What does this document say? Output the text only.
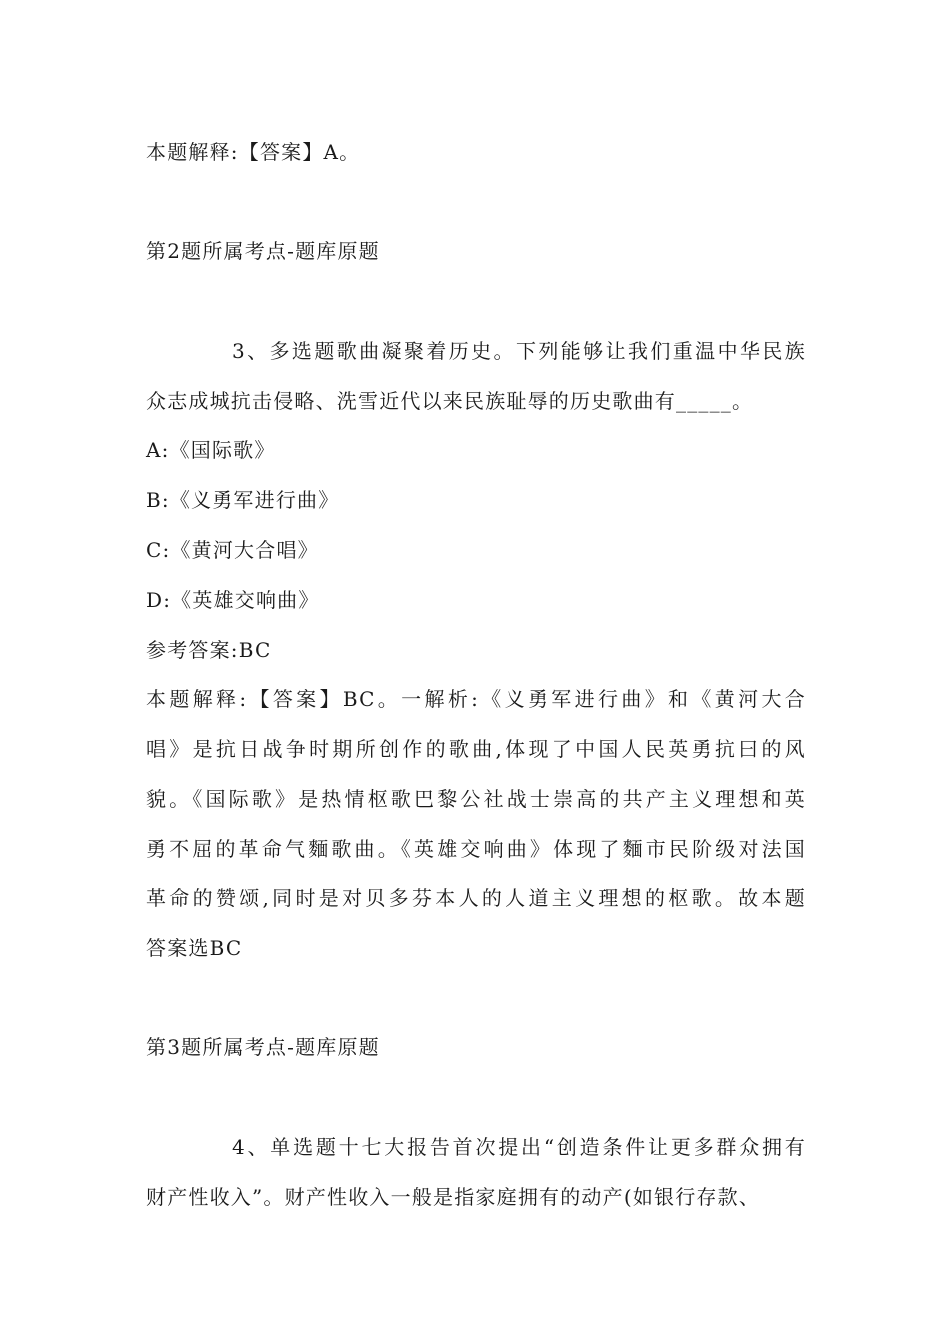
本题解释:【答案】A。
第2题所属考点-题库原题
3、多选题歌曲凝聚着历史。下列能够让我们重温中华民族
众志成城抗击侵略、洗雪近代以来民族耻辱的历史歌曲有_____。
A:《国际歌》
B:《义勇军进行曲》
C:《黄河大合唱》
D:《英雄交响曲》
参考答案:BC
本题解释:【答案】BC。一解析:《义勇军进行曲》和《黄河大合
唱》是抗日战争时期所创作的歌曲,体现了中国人民英勇抗曰的风
貌。《国际歌》是热情枢歌巴黎公社战士崇高的共产主义理想和英
勇不屈的革命气麵歌曲。《英雄交响曲》体现了麵市民阶级对法国
革命的赞颂,同时是对贝多芬本人的人道主义理想的枢歌。故本题
答案选BC
第3题所属考点-题库原题
4、单选题十七大报告首次提出“创造条件让更多群众拥有
财产性收入”。财产性收入一般是指家庭拥有的动产(如银行存款、
